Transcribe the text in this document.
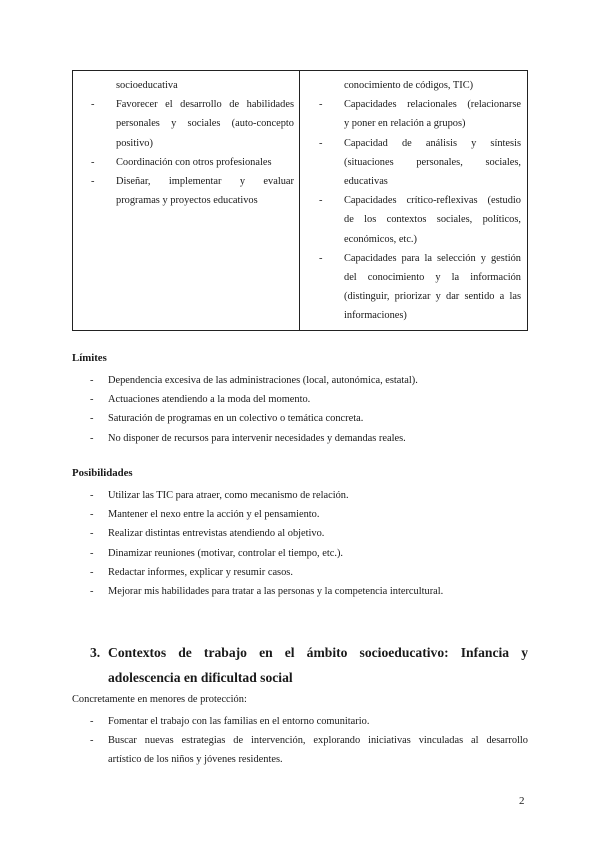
socioeducativa
- Favorecer el desarrollo de habilidades
personales y sociales (auto-concepto
positivo)
- Coordinación con otros profesionales
- Diseñar, implementar y evaluar
programas y proyectos educativos
conocimiento de códigos, TIC)
- Capacidades relacionales (relacionarse
y poner en relación a grupos)
- Capacidad de análisis y síntesis
(situaciones personales, sociales,
educativas
- Capacidades crítico-reflexivas (estudio
de los contextos sociales, políticos,
económicos, etc.)
- Capacidades para la selección y gestión
del conocimiento y la información
(distinguir, priorizar y dar sentido a las
informaciones)
Límites
- Dependencia excesiva de las administraciones (local, autonómica, estatal).
- Actuaciones atendiendo a la moda del momento.
- Saturación de programas en un colectivo o temática concreta.
- No disponer de recursos para intervenir necesidades y demandas reales.
Posibilidades
- Utilizar las TIC para atraer, como mecanismo de relación.
- Mantener el nexo entre la acción y el pensamiento.
- Realizar distintas entrevistas atendiendo al objetivo.
- Dinamizar reuniones (motivar, controlar el tiempo, etc.).
- Redactar informes, explicar y resumir casos.
- Mejorar mis habilidades para tratar a las personas y la competencia intercultural.
3. Contextos de trabajo en el ámbito socioeducativo: Infancia y
adolescencia en dificultad social
Concretamente en menores de protección:
- Fomentar el trabajo con las familias en el entorno comunitario.
- Buscar nuevas estrategias de intervención, explorando iniciativas vinculadas al desarrollo
artístico de los niños y jóvenes residentes.
2
